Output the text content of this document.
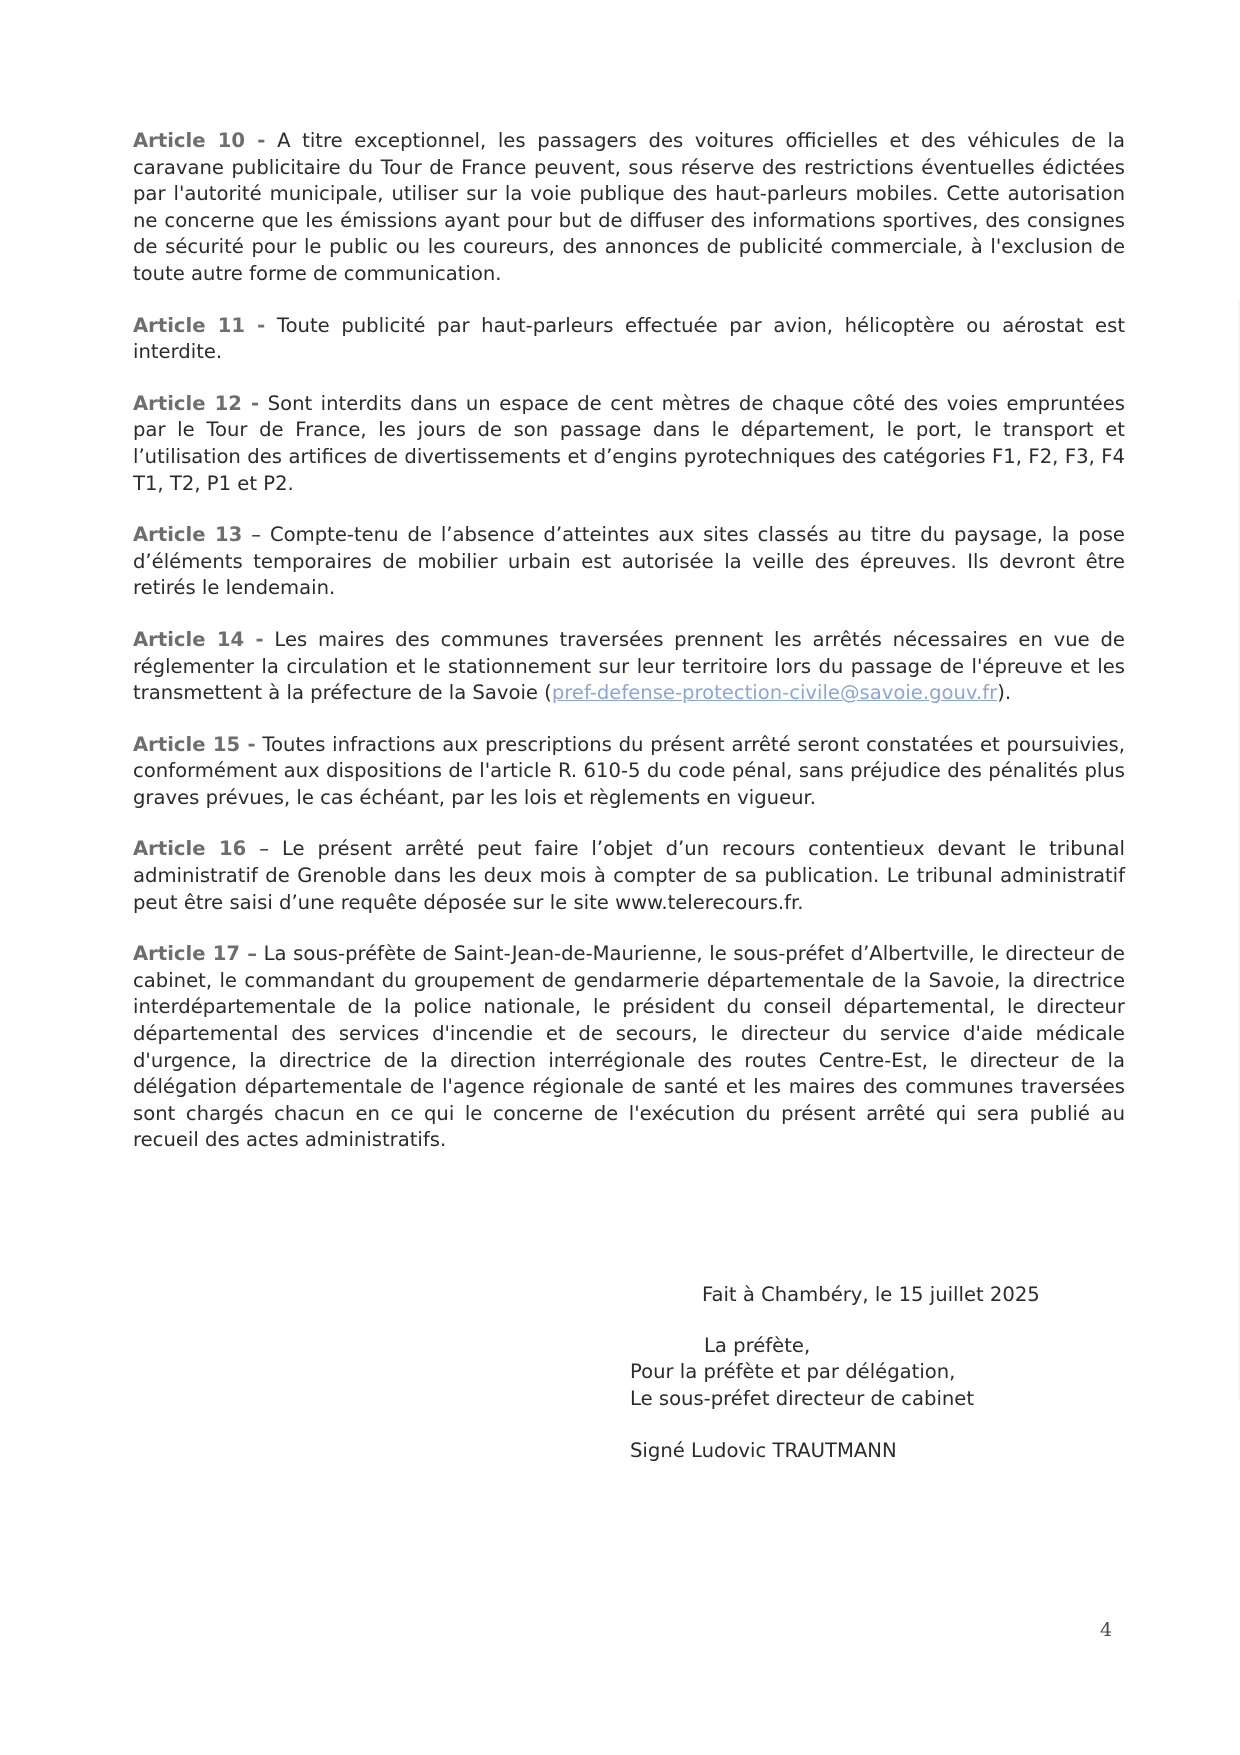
Article 10 - A titre exceptionnel, les passagers des voitures officielles et des véhicules de la caravane publicitaire du Tour de France peuvent, sous réserve des restrictions éventuelles édictées par l'autorité municipale, utiliser sur la voie publique des haut-parleurs mobiles. Cette autorisation ne concerne que les émissions ayant pour but de diffuser des informations sportives, des consignes de sécurité pour le public ou les coureurs, des annonces de publicité commerciale, à l'exclusion de toute autre forme de communication.

Article 11 - Toute publicité par haut-parleurs effectuée par avion, hélicoptère ou aérostat est interdite.

Article 12 - Sont interdits dans un espace de cent mètres de chaque côté des voies empruntées par le Tour de France, les jours de son passage dans le département, le port, le transport et l’utilisation des artifices de divertissements et d’engins pyrotechniques des catégories F1, F2, F3, F4 T1, T2, P1 et P2.

Article 13 – Compte-tenu de l’absence d’atteintes aux sites classés au titre du paysage, la pose d’éléments temporaires de mobilier urbain est autorisée la veille des épreuves. Ils devront être retirés le lendemain.

Article 14 - Les maires des communes traversées prennent les arrêtés nécessaires en vue de réglementer la circulation et le stationnement sur leur territoire lors du passage de l'épreuve et les transmettent à la préfecture de la Savoie (pref-defense-protection-civile@savoie.gouv.fr).

Article 15 - Toutes infractions aux prescriptions du présent arrêté seront constatées et poursuivies, conformément aux dispositions de l'article R. 610-5 du code pénal, sans préjudice des pénalités plus graves prévues, le cas échéant, par les lois et règlements en vigueur.

Article 16 – Le présent arrêté peut faire l’objet d’un recours contentieux devant le tribunal administratif de Grenoble dans les deux mois à compter de sa publication. Le tribunal administratif peut être saisi d’une requête déposée sur le site www.telerecours.fr.

Article 17 – La sous-préfète de Saint-Jean-de-Maurienne, le sous-préfet d’Albertville, le directeur de cabinet, le commandant du groupement de gendarmerie départementale de la Savoie, la directrice interdépartementale de la police nationale, le président du conseil départemental, le directeur départemental des services d'incendie et de secours, le directeur du service d'aide médicale d'urgence, la directrice de la direction interrégionale des routes Centre-Est, le directeur de la délégation départementale de l'agence régionale de santé et les maires des communes traversées sont chargés chacun en ce qui le concerne de l'exécution du présent arrêté qui sera publié au recueil des actes administratifs.

Fait à Chambéry, le 15 juillet 2025
La préfète,
Pour la préfète et par délégation,
Le sous-préfet directeur de cabinet
Signé Ludovic TRAUTMANN
4
